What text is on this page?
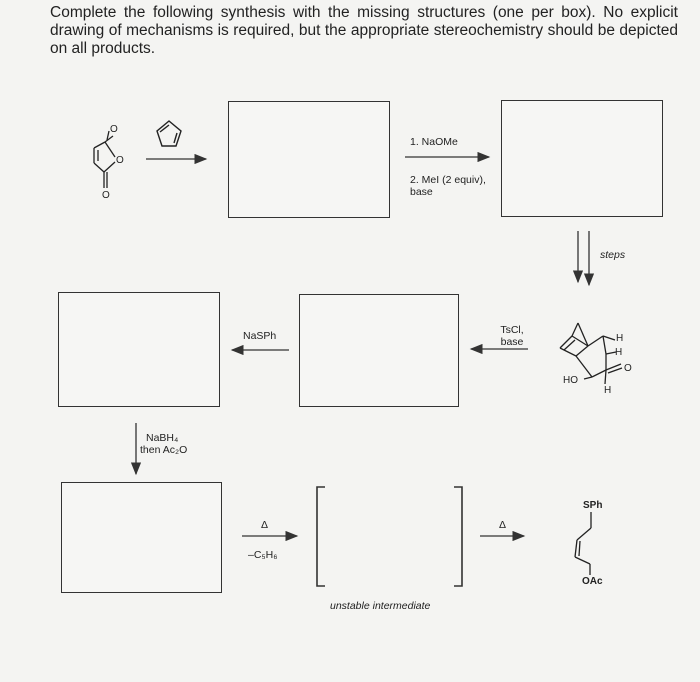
Complete the following synthesis with the missing structures (one per box). No explicit drawing of mechanisms is required, but the appropriate stereochemistry should be depicted on all products.
O
O
O
H
H
O
HO
H
SPh
OAc
1. NaOMe
2. MeI (2 equiv), base
steps
TsCl, base
NaSPh
NaBH₄
then Ac₂O
Δ
–C₅H₆
Δ
unstable intermediate
